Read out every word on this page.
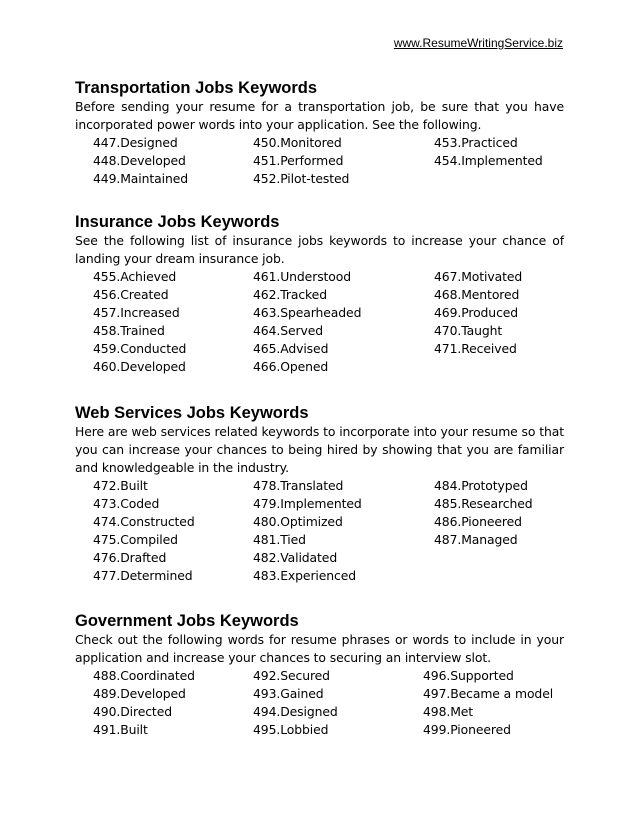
www.ResumeWritingService.biz
Transportation Jobs Keywords

Before sending your resume for a transportation job, be sure that you have incorporated power words into your application. See the following.

447.Designed
448.Developed
449.Maintained
450.Monitored
451.Performed
452.Pilot-tested
453.Practiced
454.Implemented
Insurance Jobs Keywords

See the following list of insurance jobs keywords to increase your chance of landing your dream insurance job.

455.Achieved
456.Created
457.Increased
458.Trained
459.Conducted
460.Developed
461.Understood
462.Tracked
463.Spearheaded
464.Served
465.Advised
466.Opened
467.Motivated
468.Mentored
469.Produced
470.Taught
471.Received
Web Services Jobs Keywords

Here are web services related keywords to incorporate into your resume so that you can increase your chances to being hired by showing that you are familiar and knowledgeable in the industry.

472.Built
473.Coded
474.Constructed
475.Compiled
476.Drafted
477.Determined
478.Translated
479.Implemented
480.Optimized
481.Tied
482.Validated
483.Experienced
484.Prototyped
485.Researched
486.Pioneered
487.Managed
Government Jobs Keywords

Check out the following words for resume phrases or words to include in your application and increase your chances to securing an interview slot.

488.Coordinated
489.Developed
490.Directed
491.Built
492.Secured
493.Gained
494.Designed
495.Lobbied
496.Supported
497.Became a model
498.Met
499.Pioneered
